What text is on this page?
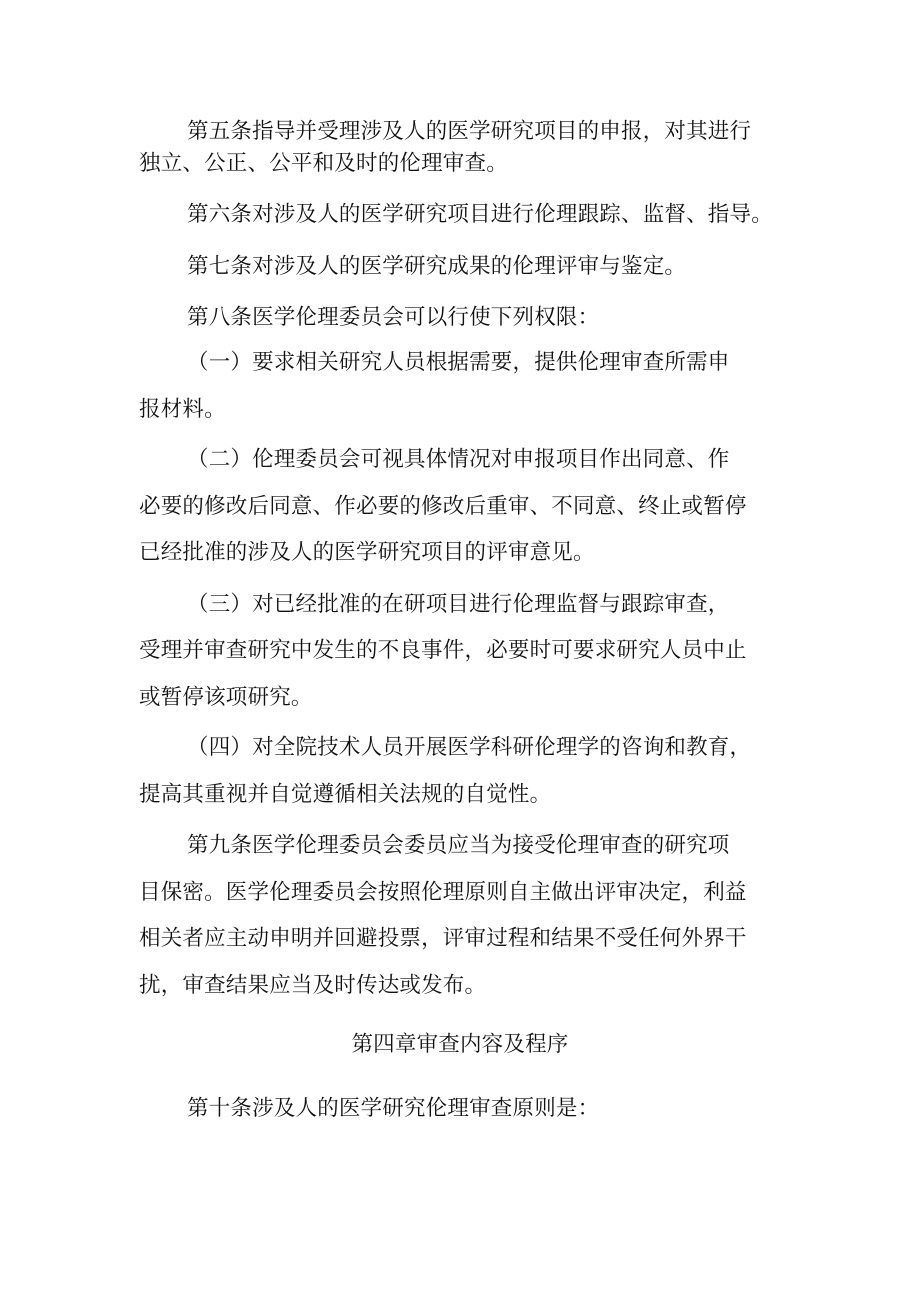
第五条指导并受理涉及人的医学研究项目的申报，对其进行
独立、公正、公平和及时的伦理审查。
第六条对涉及人的医学研究项目进行伦理跟踪、监督、指导。
第七条对涉及人的医学研究成果的伦理评审与鉴定。
第八条医学伦理委员会可以行使下列权限：
（一）要求相关研究人员根据需要，提供伦理审查所需申
报材料。
（二）伦理委员会可视具体情况对申报项目作出同意、作
必要的修改后同意、作必要的修改后重审、不同意、终止或暂停
已经批准的涉及人的医学研究项目的评审意见。
（三）对已经批准的在研项目进行伦理监督与跟踪审查，
受理并审查研究中发生的不良事件，必要时可要求研究人员中止
或暂停该项研究。
（四）对全院技术人员开展医学科研伦理学的咨询和教育，
提高其重视并自觉遵循相关法规的自觉性。
第九条医学伦理委员会委员应当为接受伦理审查的研究项
目保密。医学伦理委员会按照伦理原则自主做出评审决定，利益
相关者应主动申明并回避投票，评审过程和结果不受任何外界干
扰，审查结果应当及时传达或发布。
第四章审查内容及程序
第十条涉及人的医学研究伦理审查原则是：
